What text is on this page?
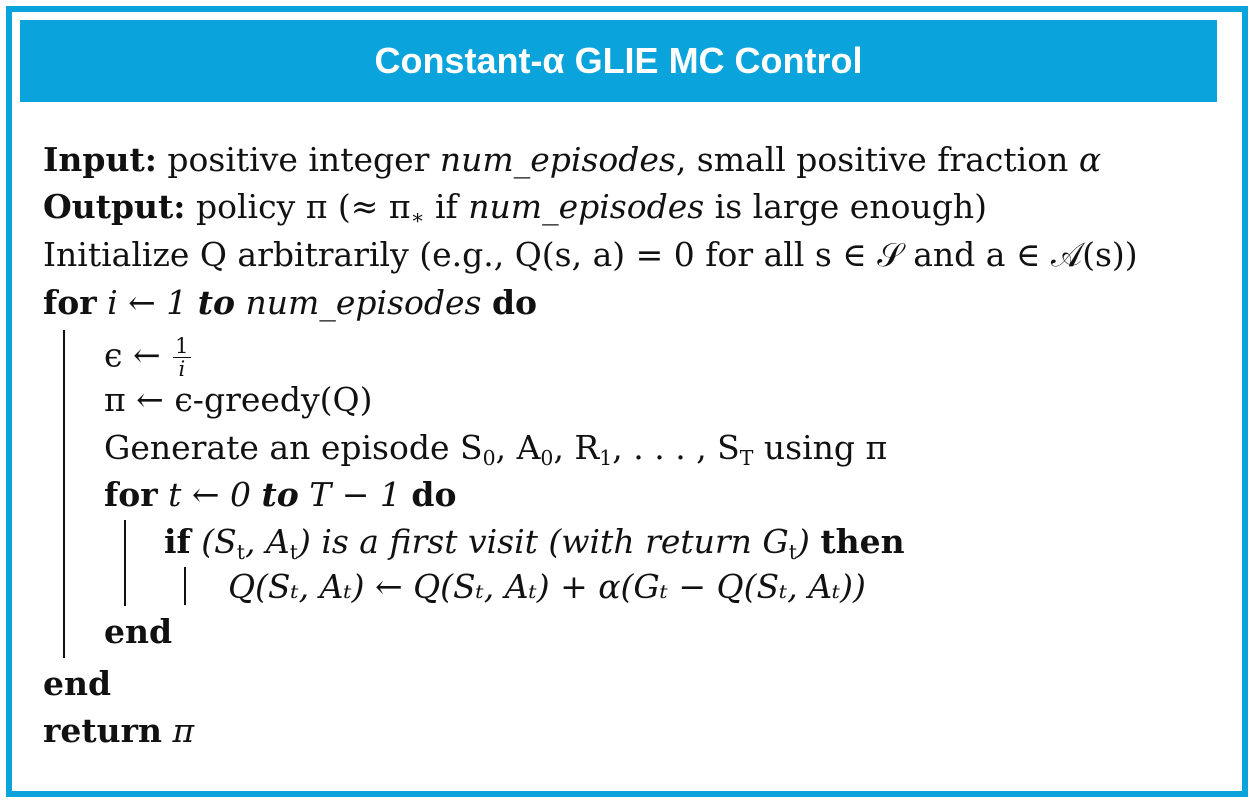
Constant-α GLIE MC Control
Input: positive integer num_episodes, small positive fraction α
Output: policy π (≈ $\pi_∗$ if num_episodes is large enough)
Initialize Q arbitrarily (e.g., Q(s, a) = 0 for all s ∈ 𝒮 and a ∈ 𝒜(s))
for i ← 1 to num_episodes do
ϵ ← $\frac{1}{i}$
π ← ϵ-greedy(Q)
Generate an episode $S_0$, $A_0$, $R_1$, . . . , $S_T$ using π
for t ← 0 to T − 1 do
if ($S_t$, $A_t$) is a first visit (with return $G_t$) then
Q(Sₜ, Aₜ) ← Q(Sₜ, Aₜ) + α(Gₜ − Q(Sₜ, Aₜ))
end
end
return π
